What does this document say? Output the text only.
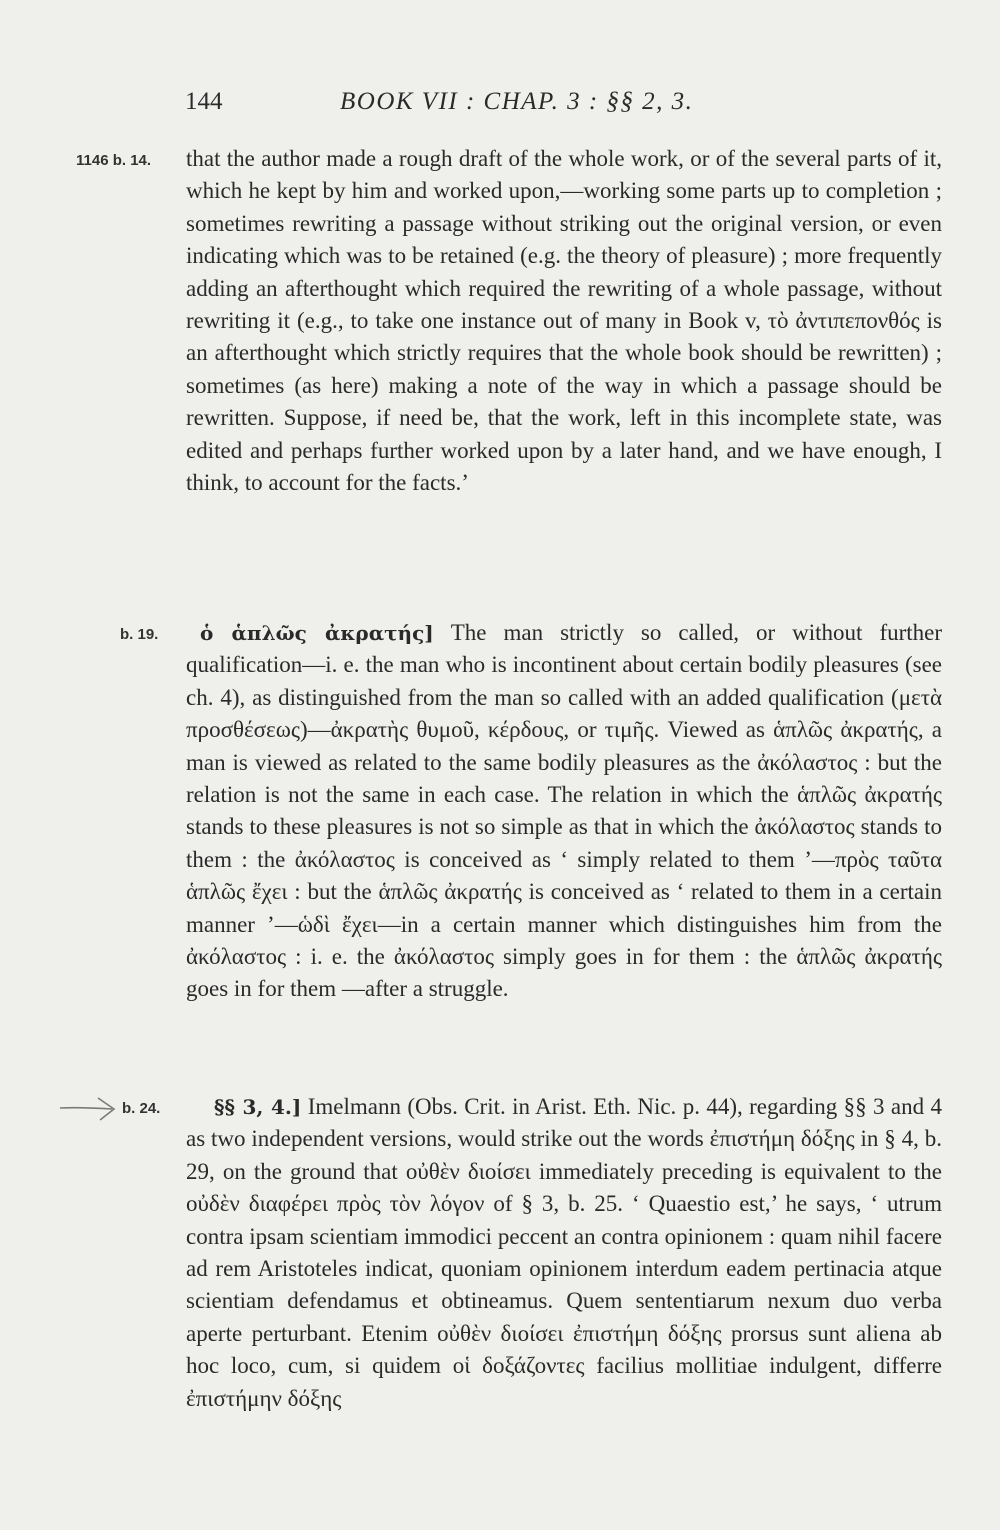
144	BOOK VII : CHAP. 3 : §§ 2, 3.
1146 b. 14. that the author made a rough draft of the whole work, or of the several parts of it, which he kept by him and worked upon,—working some parts up to completion ; sometimes rewriting a passage without striking out the original version, or even indicating which was to be retained (e.g. the theory of pleasure) ; more frequently adding an afterthought which required the rewriting of a whole passage, without rewriting it (e.g., to take one instance out of many in Book v, τὸ ἀντιπεπονθός is an afterthought which strictly requires that the whole book should be rewritten) ; sometimes (as here) making a note of the way in which a passage should be rewritten. Suppose, if need be, that the work, left in this incomplete state, was edited and perhaps further worked upon by a later hand, and we have enough, I think, to account for the facts.’

b. 19.	ὁ ἁπλῶς ἀκρατής] The man strictly so called, or without further qualification—i. e. the man who is incontinent about certain bodily pleasures (see ch. 4), as distinguished from the man so called with an added qualification (μετὰ προσθέσεως)—ἀκρατὴς θυμοῦ, κέρδους, or τιμῆς. Viewed as ἁπλῶς ἀκρατής, a man is viewed as related to the same bodily pleasures as the ἀκόλαστος : but the relation is not the same in each case. The relation in which the ἁπλῶς ἀκρατής stands to these pleasures is not so simple as that in which the ἀκόλαστος stands to them : the ἀκόλαστος is conceived as ‘ simply related to them ’—πρὸς ταῦτα ἁπλῶς ἔχει : but the ἁπλῶς ἀκρατής is conceived as ‘ related to them in a certain manner ’—ὡδὶ ἔχει—in a certain manner which distinguishes him from the ἀκόλαστος : i. e. the ἀκόλαστος simply goes in for them : the ἁπλῶς ἀκρατής goes in for them —after a struggle.

b. 24.	§§ 3, 4.] Imelmann (Obs. Crit. in Arist. Eth. Nic. p. 44), regarding §§ 3 and 4 as two independent versions, would strike out the words ἐπιστήμη δόξης in § 4, b. 29, on the ground that οὐθὲν διοίσει immediately preceding is equivalent to the οὐδὲν διαφέρει πρὸς τὸν λόγον of § 3, b. 25. ‘ Quaestio est,’ he says, ‘ utrum contra ipsam scientiam immodici peccent an contra opinionem : quam nihil facere ad rem Aristoteles indicat, quoniam opinionem interdum eadem pertinacia atque scientiam defendamus et obtineamus. Quem sententiarum nexum duo verba aperte perturbant. Etenim οὐθὲν διοίσει ἐπιστήμη δόξης prorsus sunt aliena ab hoc loco, cum, si quidem οἱ δοξάζοντες facilius mollitiae indulgent, differre ἐπιστήμην δόξης
